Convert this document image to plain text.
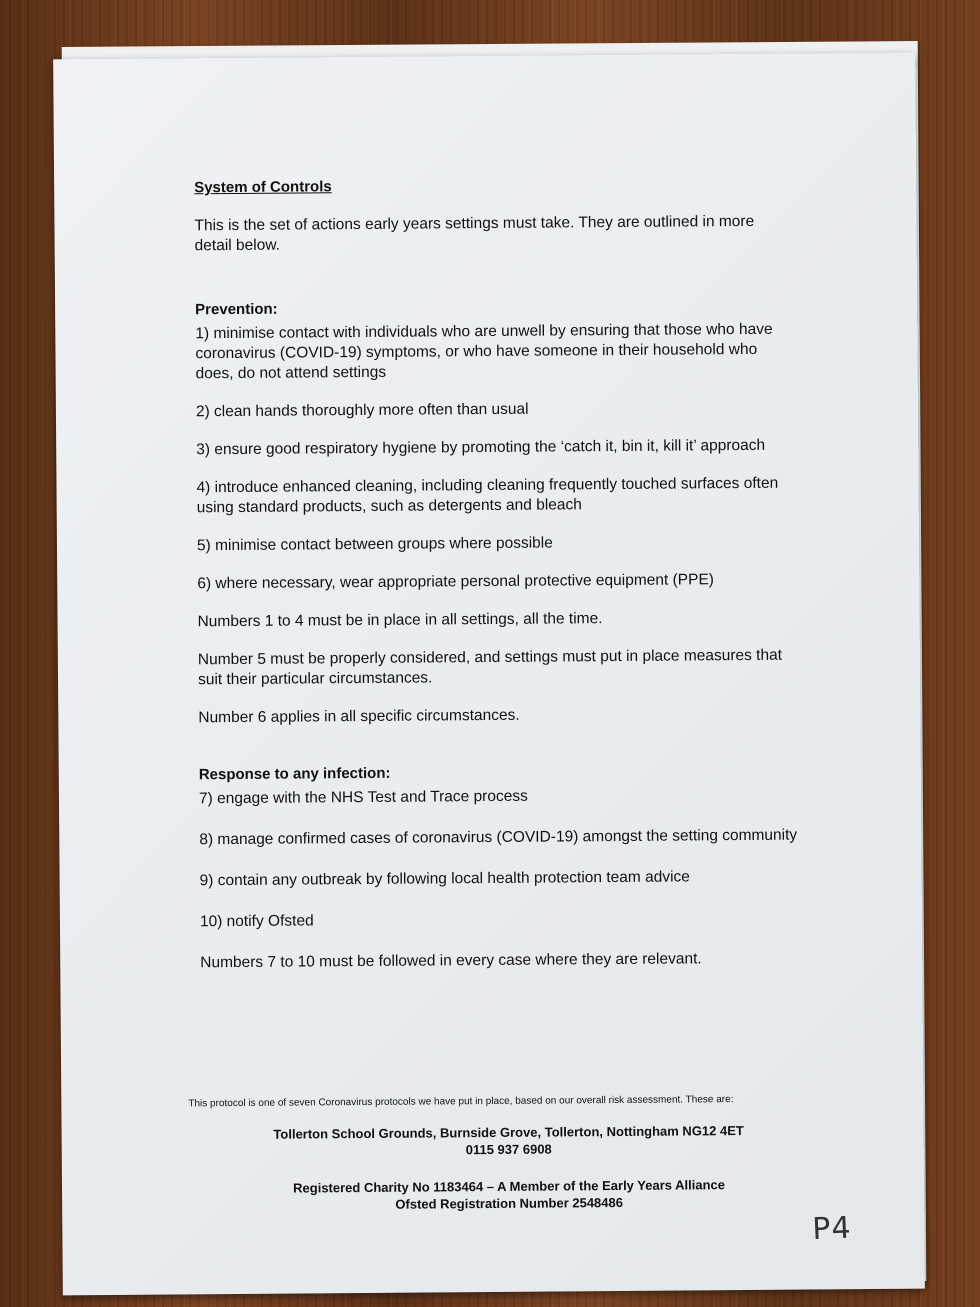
System of Controls

This is the set of actions early years settings must take. They are outlined in more detail below.

Prevention:

1) minimise contact with individuals who are unwell by ensuring that those who have coronavirus (COVID-19) symptoms, or who have someone in their household who does, do not attend settings

2) clean hands thoroughly more often than usual

3) ensure good respiratory hygiene by promoting the ‘catch it, bin it, kill it’ approach

4) introduce enhanced cleaning, including cleaning frequently touched surfaces often using standard products, such as detergents and bleach

5) minimise contact between groups where possible

6) where necessary, wear appropriate personal protective equipment (PPE)

Numbers 1 to 4 must be in place in all settings, all the time.

Number 5 must be properly considered, and settings must put in place measures that suit their particular circumstances.

Number 6 applies in all specific circumstances.

Response to any infection:

7) engage with the NHS Test and Trace process

8) manage confirmed cases of coronavirus (COVID-19) amongst the setting community

9) contain any outbreak by following local health protection team advice

10) notify Ofsted

Numbers 7 to 10 must be followed in every case where they are relevant.

This protocol is one of seven Coronavirus protocols we have put in place, based on our overall risk assessment. These are:

Tollerton School Grounds, Burnside Grove, Tollerton, Nottingham NG12 4ET
0115 937 6908
Registered Charity No 1183464 – A Member of the Early Years Alliance
Ofsted Registration Number 2548486
P4
